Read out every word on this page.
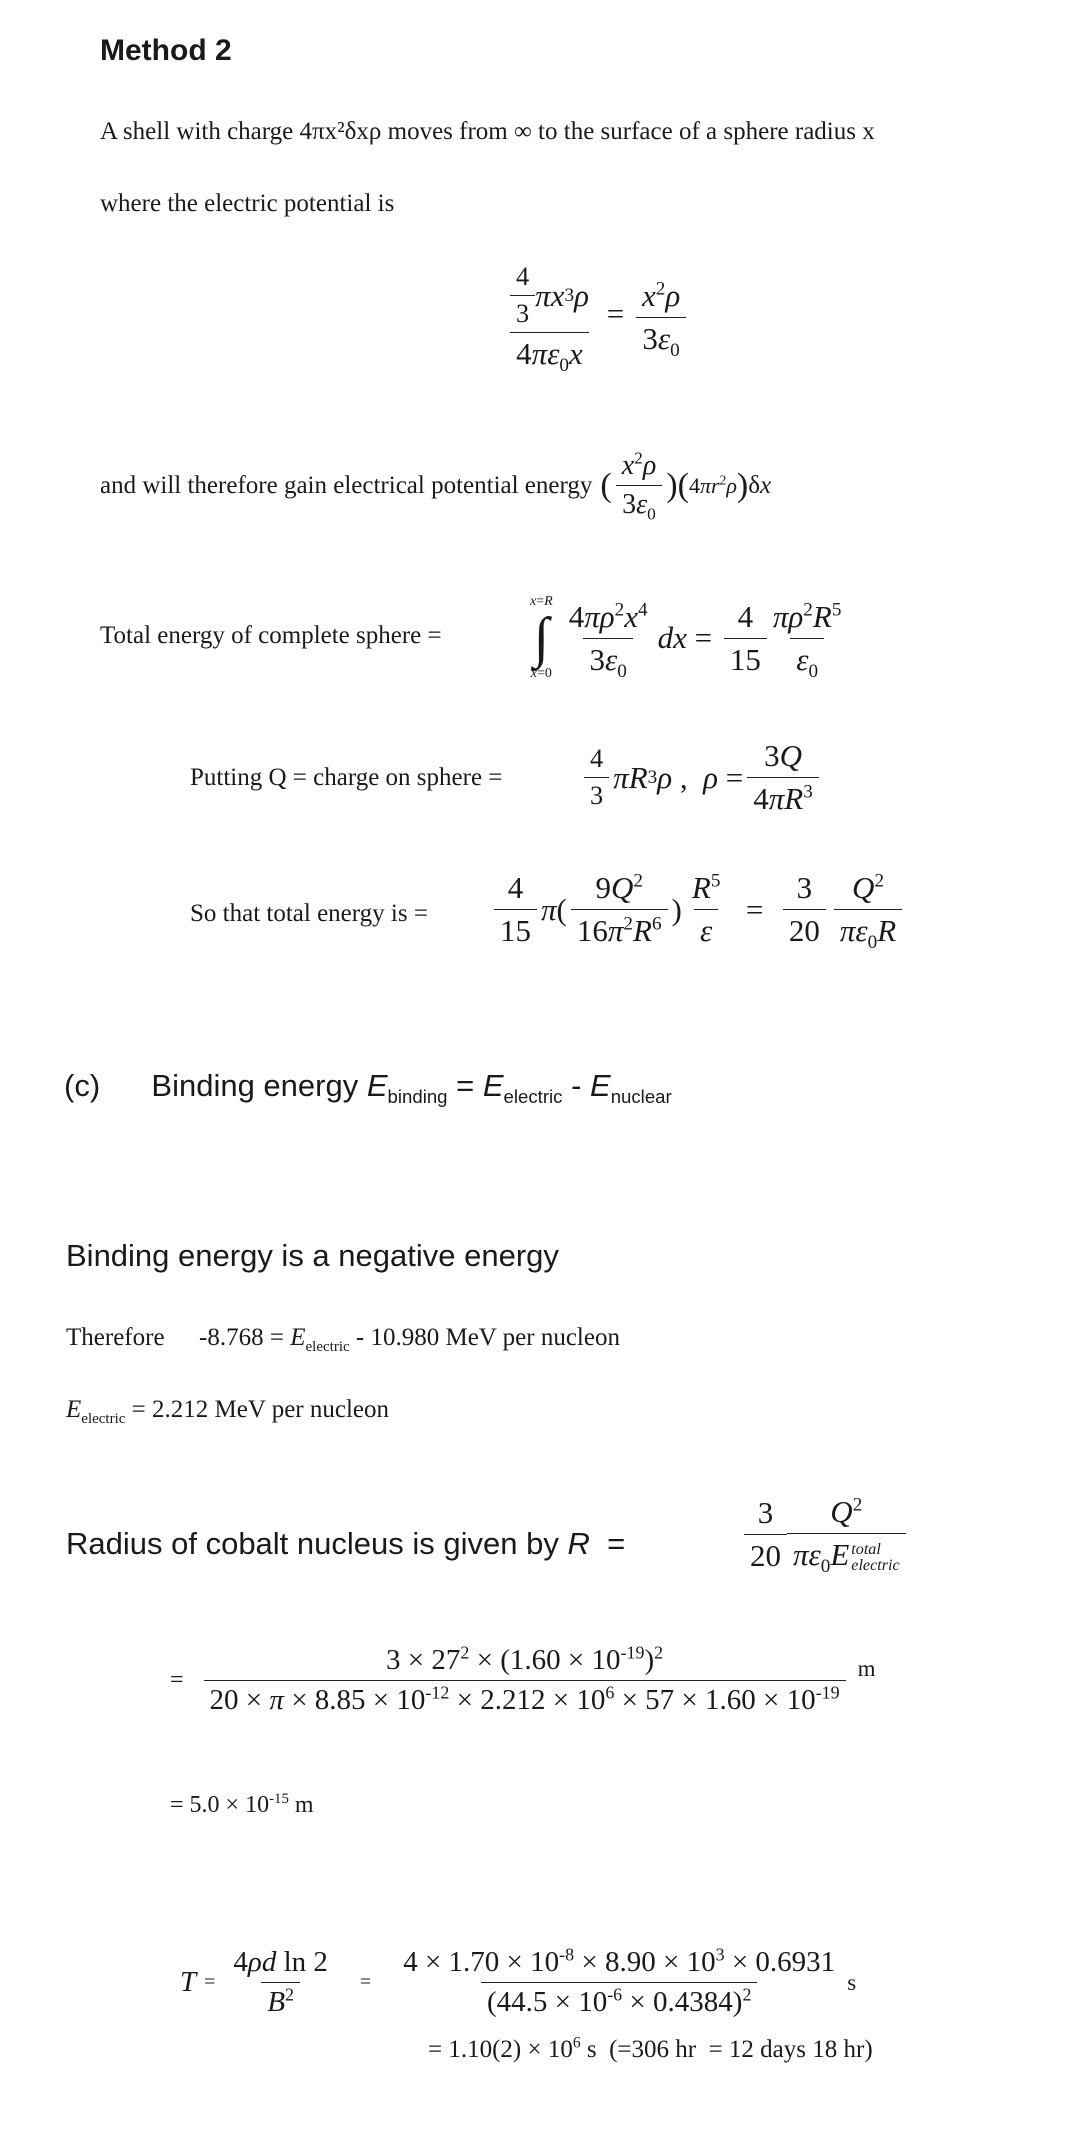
Method 2
A shell with charge 4πx²δxρ moves from ∞ to the surface of a sphere radius x
where the electric potential is
$\frac{\frac{4}{3} \pi x 3 \rho}{4\pi\varepsilon_0x} = \frac{x^2\rho}{3\varepsilon_0}$
and will therefore gain electrical potential energy ( $\frac{x^2\rho}{3\varepsilon_0}$ )( $4\pi r^2\rho$ ) δx
Total energy of complete sphere =
x=R
∫
$x=0 \frac{4\pi\rho^2x^4}{3\varepsilon_0}$ dx = $\frac{4}{15} \frac{\pi\rho^2R^5}{\varepsilon_0}$
Putting Q = charge on sphere =	$\frac{4}{3}$ πR 3 ρ , $\rho = \frac{3Q}{4\pi R^3}$
So that total energy is = $\frac{4}{15}$ π ( $\frac{9Q^2}{16\pi^2R^6}$ ) $\frac{R^5}{\varepsilon} = \frac{3}{20} \frac{Q^2}{\pi\varepsilon_0R}$
(c) Binding energy $E_{binding} = E_{electric} - E_{nuclear}$
Binding energy is a negative energy
Therefore $-8.768 = E_{electric} - 10.980$ MeV per nucleon
$E_{electric} = 2.212$ MeV per nucleon
Radius of cobalt nucleus is given by R  =	$\frac{3}{20} Q^2$
$\pi\varepsilon_0E$ total
electric
= $\frac{3 \times 27^2 \times (1.60 \times 10^{-19})^2}{20 \times \pi \times 8.85 \times 10^{-12} \times 2.212 \times 10^6 \times 57 \times 1.60 \times 10^{-19}}$ m
= $5.0 \times 10^{-15}$ m
$T = \frac{\text{4ρd ln 2}}{B^2} = \frac{4 \times 1.70 \times 10^{-8} \times 8.90 \times 10^3 \times 0.6931}{(44.5 \times 10^{-6} \times 0.4384)^2}$ s
= $1.10(2) \times 10^6$ s  (=306 hr  = 12 days 18 hr)
